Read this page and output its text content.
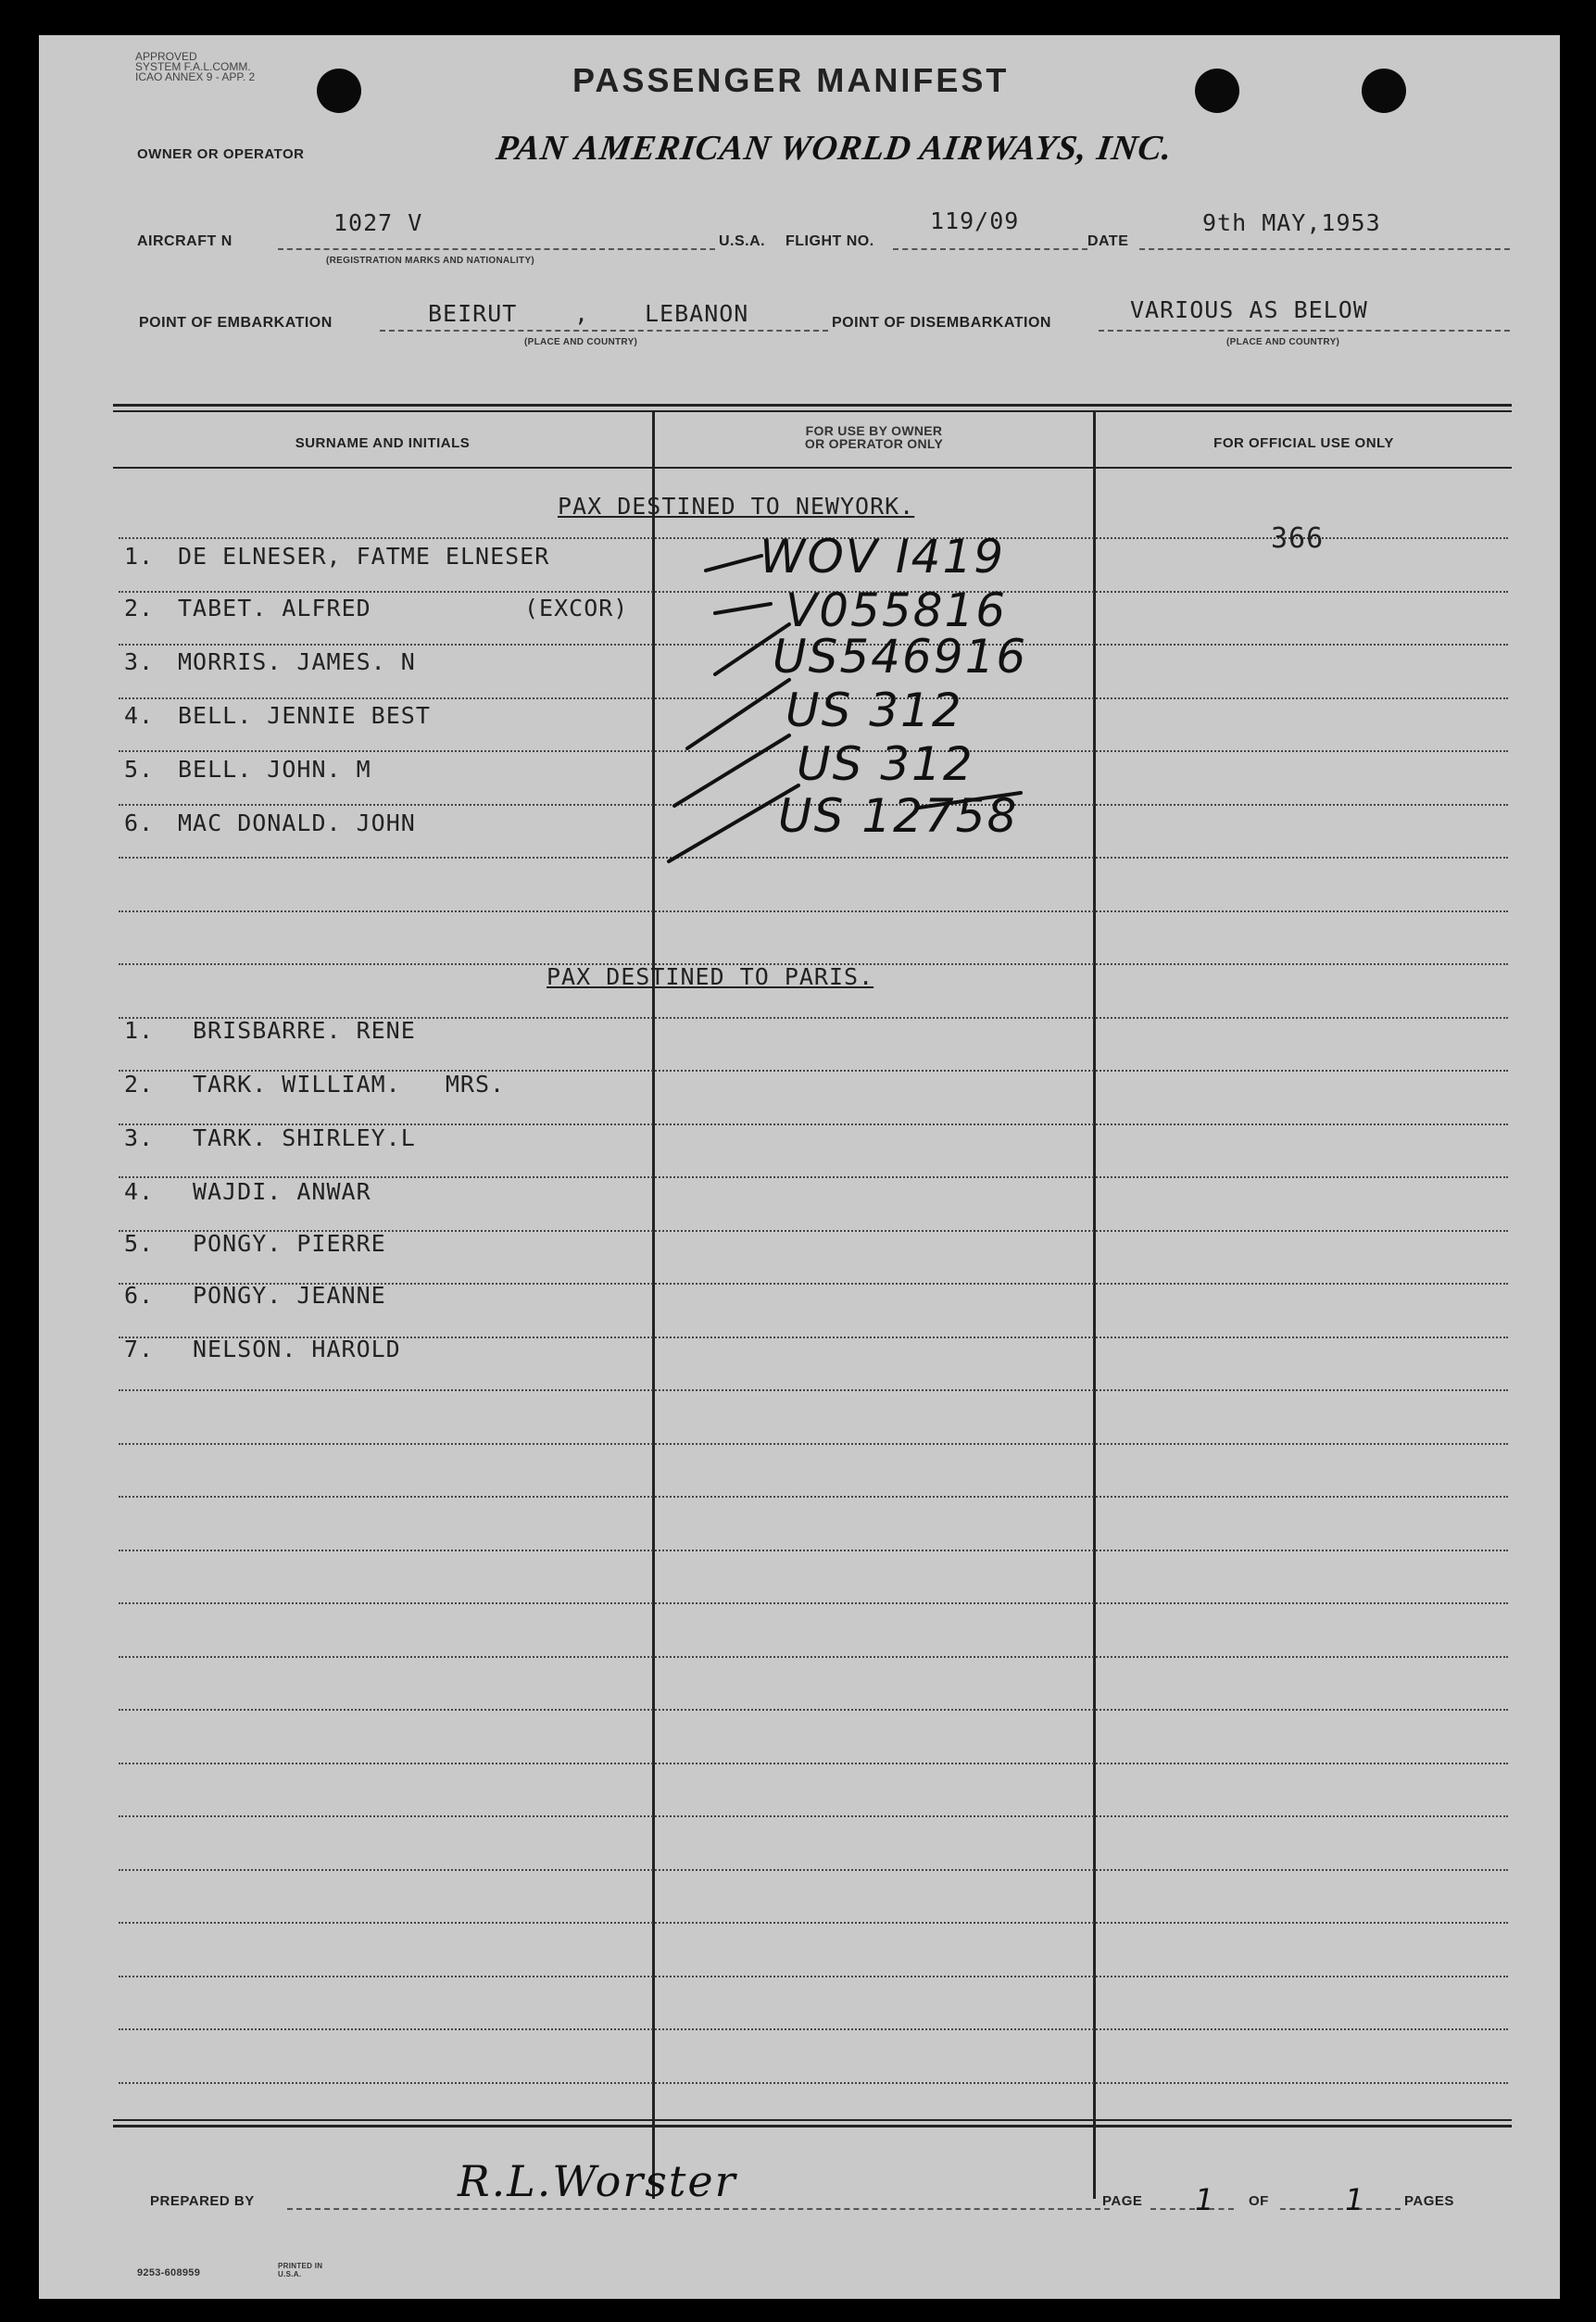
APPROVED
SYSTEM F.A.L.COMM.
ICAO ANNEX 9 - APP. 2	PASSENGER MANIFEST
OWNER OR OPERATOR	PAN AMERICAN WORLD AIRWAYS, INC.
AIRCRAFT N
1027 V
(REGISTRATION MARKS AND NATIONALITY)
U.S.A. FLIGHT NO.
119/09
DATE
9th MAY,1953
POINT OF EMBARKATION	BEIRUT , LEBANON
(PLACE AND COUNTRY)
POINT OF DISEMBARKATION	VARIOUS AS BELOW
(PLACE AND COUNTRY)
SURNAME AND INITIALS
FOR USE BY OWNER
OR OPERATOR ONLY	FOR OFFICIAL USE ONLY
PAX DESTINED TO NEWYORK.
366
1. DE ELNESER, FATME ELNESER	WOV I419
2. TABET. ALFRED	(EXCOR)	V055816
3. MORRIS. JAMES. N	US546916
4. BELL. JENNIE BEST	US 312
5. BELL. JOHN. M	US 312
6. MAC DONALD. JOHN	US 12758
PAX DESTINED TO PARIS.
1. BRISBARRE. RENE
2. TARK. WILLIAM.   MRS.
3. TARK. SHIRLEY.L
4. WAJDI. ANWAR
5. PONGY. PIERRE
6. PONGY. JEANNE
7. NELSON. HAROLD
PREPARED BY	R.L.Worster	PAGE 1 OF	1	PAGES
9253-608959
PRINTED IN U.S.A.
